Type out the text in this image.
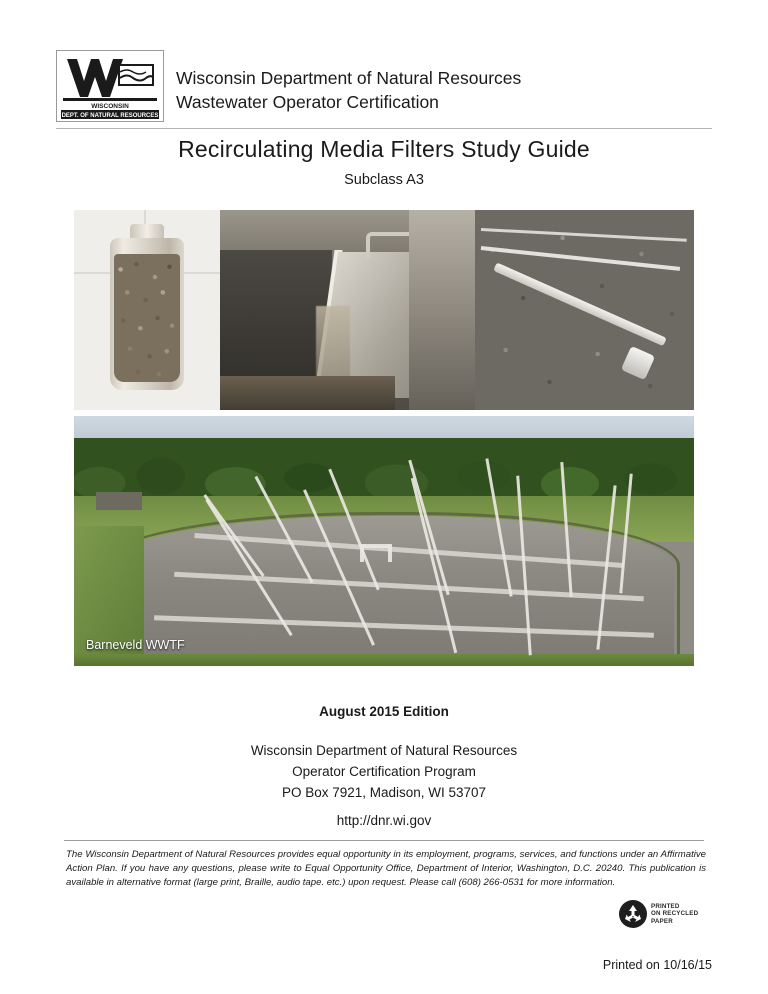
WISCONSIN
DEPT. OF NATURAL RESOURCES
Wisconsin Department of Natural Resources
Wastewater Operator Certification
Recirculating Media Filters Study Guide
Subclass A3
Barneveld WWTF
August 2015 Edition
Wisconsin Department of Natural Resources
Operator Certification Program
PO Box 7921, Madison, WI 53707
http://dnr.wi.gov
The Wisconsin Department of Natural Resources provides equal opportunity in its employment, programs, services, and functions under an Affirmative Action Plan. If you have any questions, please write to Equal Opportunity Office, Department of Interior, Washington, D.C. 20240. This publication is available in alternative format (large print, Braille, audio tape. etc.) upon request. Please call (608) 266-0531 for more information.
PRINTED
ON RECYCLED
PAPER
Printed on 10/16/15
